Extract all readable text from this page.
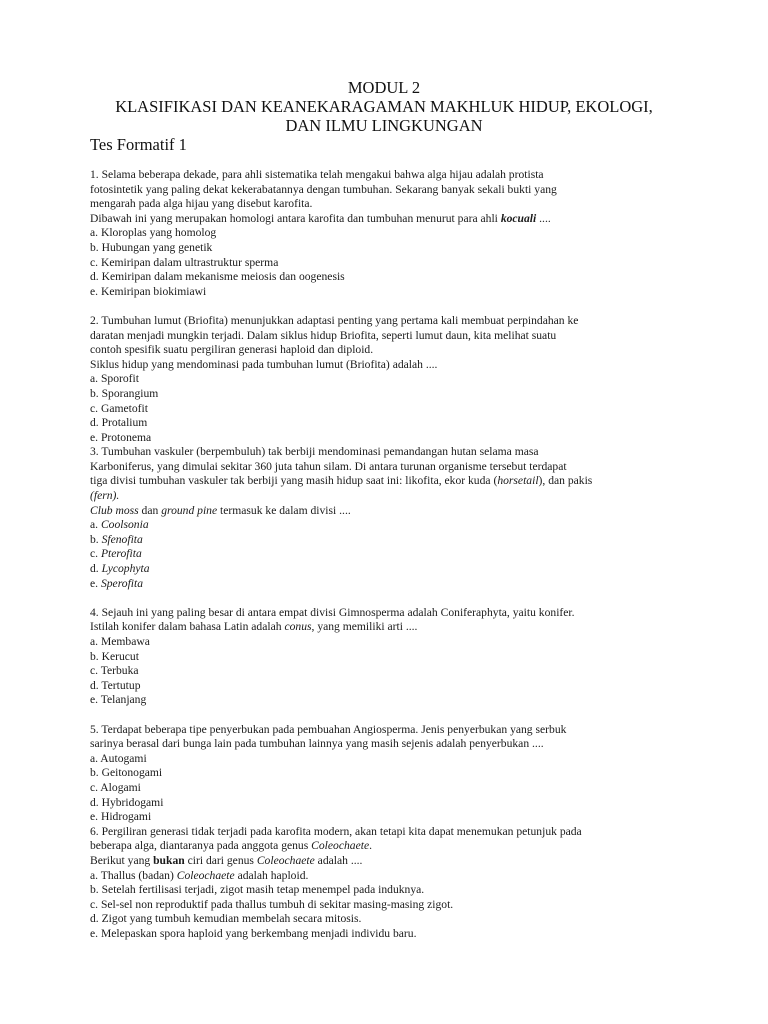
MODUL 2
KLASIFIKASI DAN KEANEKARAGAMAN MAKHLUK HIDUP, EKOLOGI,
DAN ILMU LINGKUNGAN
Tes Formatif 1

1. Selama beberapa dekade, para ahli sistematika telah mengakui bahwa alga hijau adalah protista

fotosintetik yang paling dekat kekerabatannya dengan tumbuhan. Sekarang banyak sekali bukti yang

mengarah pada alga hijau yang disebut karofita.

Dibawah ini yang merupakan homologi antara karofita dan tumbuhan menurut para ahli kocuali ....

a. Kloroplas yang homolog

b. Hubungan yang genetik

c. Kemiripan dalam ultrastruktur sperma

d. Kemiripan dalam mekanisme meiosis dan oogenesis

e. Kemiripan biokimiawi

2. Tumbuhan lumut (Briofita) menunjukkan adaptasi penting yang pertama kali membuat perpindahan ke

daratan menjadi mungkin terjadi. Dalam siklus hidup Briofita, seperti lumut daun, kita melihat suatu

contoh spesifik suatu pergiliran generasi haploid dan diploid.

Siklus hidup yang mendominasi pada tumbuhan lumut (Briofita) adalah ....

a. Sporofit

b. Sporangium

c. Gametofit

d. Protalium

e. Protonema

3. Tumbuhan vaskuler (berpembuluh) tak berbiji mendominasi pemandangan hutan selama masa

Karboniferus, yang dimulai sekitar 360 juta tahun silam. Di antara turunan organisme tersebut terdapat

tiga divisi tumbuhan vaskuler tak berbiji yang masih hidup saat ini: likofita, ekor kuda (horsetail), dan pakis

(fern).

Club moss dan ground pine termasuk ke dalam divisi ....

a. Coolsonia

b. Sfenofita

c. Pterofita

d. Lycophyta

e. Sperofita

4. Sejauh ini yang paling besar di antara empat divisi Gimnosperma adalah Coniferaphyta, yaitu konifer.

Istilah konifer dalam bahasa Latin adalah conus, yang memiliki arti ....

a. Membawa

b. Kerucut

c. Terbuka

d. Tertutup

e. Telanjang

5. Terdapat beberapa tipe penyerbukan pada pembuahan Angiosperma. Jenis penyerbukan yang serbuk

sarinya berasal dari bunga lain pada tumbuhan lainnya yang masih sejenis adalah penyerbukan ....

a. Autogami

b. Geitonogami

c. Alogami

d. Hybridogami

e. Hidrogami

6. Pergiliran generasi tidak terjadi pada karofita modern, akan tetapi kita dapat menemukan petunjuk pada

beberapa alga, diantaranya pada anggota genus Coleochaete.

Berikut yang bukan ciri dari genus Coleochaete adalah ....

a. Thallus (badan) Coleochaete adalah haploid.

b. Setelah fertilisasi terjadi, zigot masih tetap menempel pada induknya.

c. Sel-sel non reproduktif pada thallus tumbuh di sekitar masing-masing zigot.

d. Zigot yang tumbuh kemudian membelah secara mitosis.

e. Melepaskan spora haploid yang berkembang menjadi individu baru.
